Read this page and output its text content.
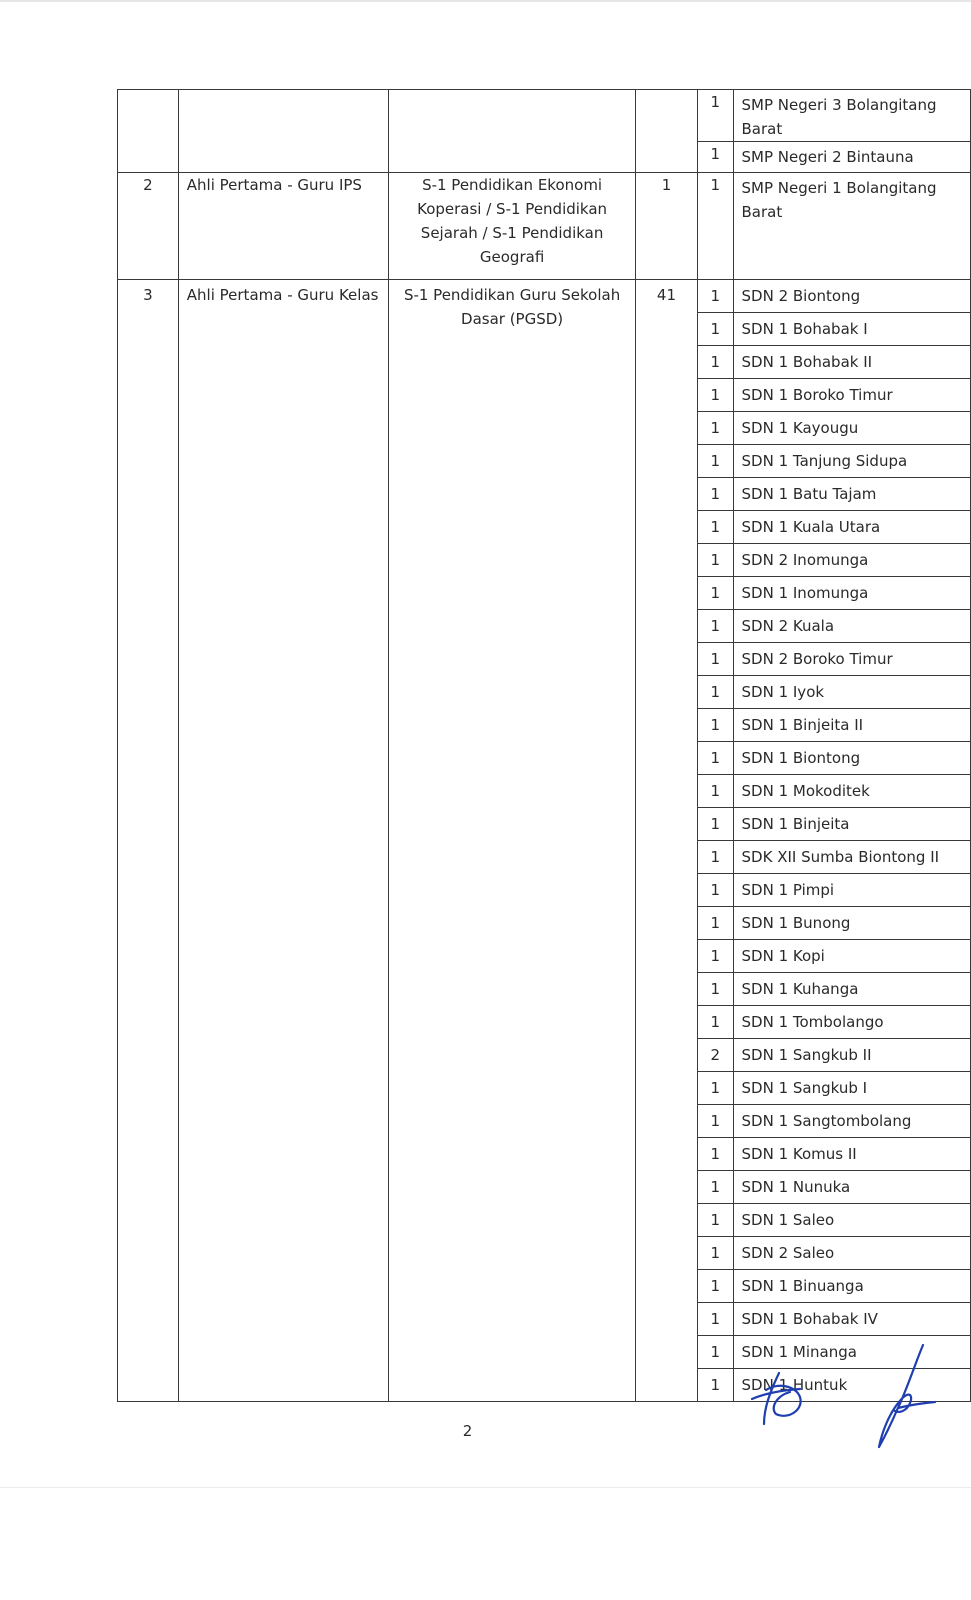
				1	SMP Negeri 3 Bolangitang Barat
				1	SMP Negeri 2 Bintauna
2	Ahli Pertama - Guru IPS	S-1 Pendidikan Ekonomi Koperasi / S-1 Pendidikan Sejarah / S-1 Pendidikan Geografi	1	1	SMP Negeri 1 Bolangitang Barat
3	Ahli Pertama - Guru Kelas	S-1 Pendidikan Guru Sekolah Dasar (PGSD)	41	1	SDN 2 Biontong
				1	SDN 1 Bohabak I
				1	SDN 1 Bohabak II
				1	SDN 1 Boroko Timur
				1	SDN 1 Kayougu
				1	SDN 1 Tanjung Sidupa
				1	SDN 1 Batu Tajam
				1	SDN 1 Kuala Utara
				1	SDN 2 Inomunga
				1	SDN 1 Inomunga
				1	SDN 2 Kuala
				1	SDN 2 Boroko Timur
				1	SDN 1 Iyok
				1	SDN 1 Binjeita II
				1	SDN 1 Biontong
				1	SDN 1 Mokoditek
				1	SDN 1 Binjeita
				1	SDK XII Sumba Biontong II
				1	SDN 1 Pimpi
				1	SDN 1 Bunong
				1	SDN 1 Kopi
				1	SDN 1 Kuhanga
				1	SDN 1 Tombolango
				2	SDN 1 Sangkub II
				1	SDN 1 Sangkub I
				1	SDN 1 Sangtombolang
				1	SDN 1 Komus II
				1	SDN 1 Nunuka
				1	SDN 1 Saleo
				1	SDN 2 Saleo
				1	SDN 1 Binuanga
				1	SDN 1 Bohabak IV
				1	SDN 1 Minanga
				1	SDN 1 Huntuk
2
